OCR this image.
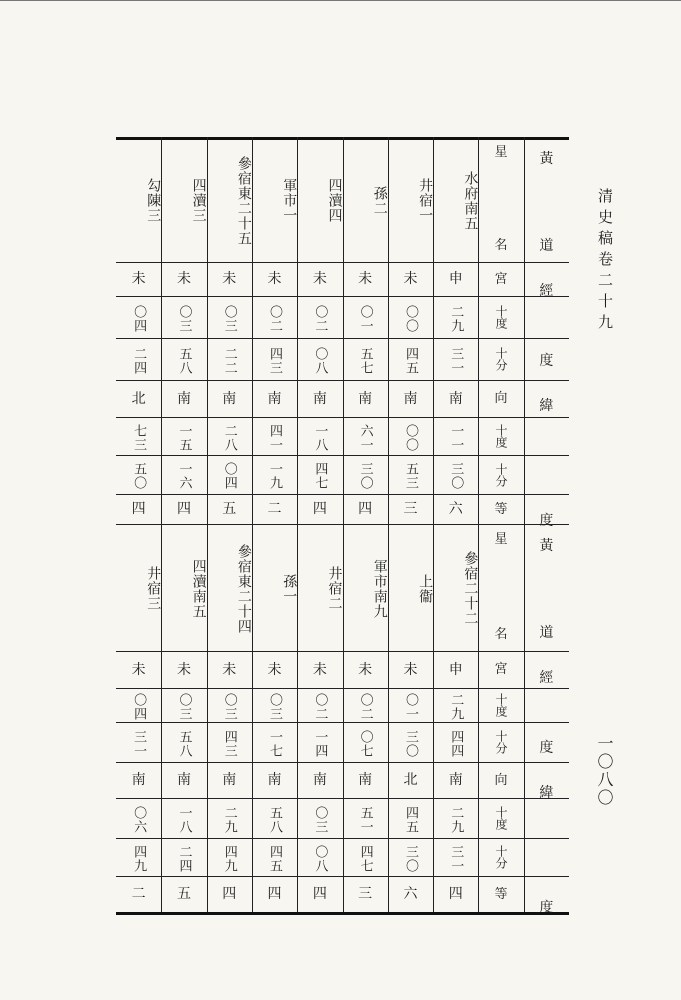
清史稿卷二十九
一〇八〇
黃
道
經
度
緯
度
黃
道
經
度
緯
度
星
名
宮
十度
十分
向
十度
十分
等
星
名
宮
十度
十分
向
十度
十分
等
水府南五
申
二九
三一
南
一一
三〇
六
井宿一
未
〇〇
四五
南
〇〇
五三
三
孫二
未
〇一
五七
南
六一
三〇
四
四瀆四
未
〇二
〇八
南
一八
四七
四
軍市一
未
〇二
四三
南
四一
一九
二
參宿東二十五
未
〇三
二二
南
二八
〇四
五
四瀆三
未
〇三
五八
南
一五
一六
四
勾陳三
未
〇四
二四
北
七三
五〇
四
參宿二十二
申
二九
四四
南
二九
三一
四
上衞
未
〇一
三〇
北
四五
三〇
六
軍市南九
未
〇二
〇七
南
五一
四七
三
井宿二
未
〇二
一四
南
〇三
〇八
四
孫一
未
〇三
一七
南
五八
四五
四
參宿東二十四
未
〇三
四三
南
二九
四九
四
四瀆南五
未
〇三
五八
南
一八
二四
五
井宿三
未
〇四
三一
南
〇六
四九
二
